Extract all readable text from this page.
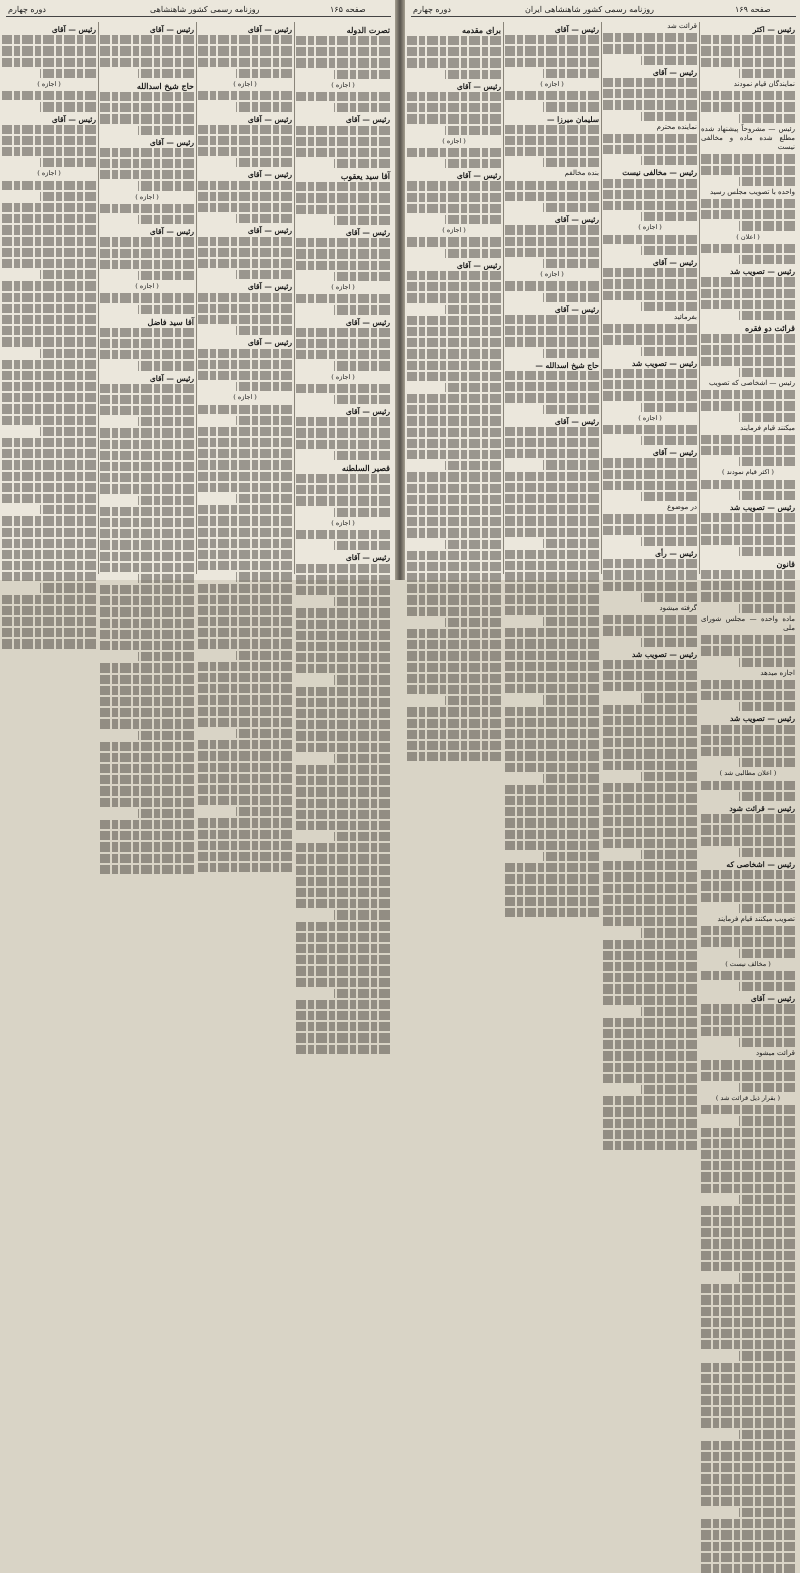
دوره چهارم	روزنامه رسمی کشور شاهنشاهی	صفحه ۱۶۵
تصرت الدوله
( اجازه )
رئیس — آقای
آقا سید یعقوب
رئیس — آقای
( اجازه )
رئیس — آقای
( اجازه )
رئیس — آقای
قصیر السلطنه
( اجازه )
رئیس — آقای
رئیس — آقای
( اجازه )
رئیس — آقای
رئیس — آقای
رئیس — آقای
رئیس — آقای
رئیس — آقای
( اجازه )
رئیس — آقای
حاج شیخ اسدالله
رئیس — آقای
( اجازه )
رئیس — آقای
( اجازه )
آقا سید فاضل
رئیس — آقای
رئیس — آقای
( اجازه )
رئیس — آقای
( اجازه )
دوره چهارم	روزنامه رسمی کشور شاهنشاهی ایران	صفحه ۱۶۹
رئیس — اکثر
نمایندگان قیام نمودند
رئیس — مشروحاً پیشنهاد شده مطلع شده ماده و مخالفی نیست
واحده با تصویب مجلس رسید
( اعلان )
رئیس — تصویب شد
قرائت دو فقره
رئیس — اشخاصی که تصویب
میکنند قیام فرمایند
( اکثر قیام نمودند )
رئیس — تصویب شد
قانون
ماده واحده — مجلس شورای ملی
اجازه میدهد
رئیس — تصویب شد
( اعلان مطالبی شد )
رئیس — قرائت شود
رئیس — اشخاصی که
تصویب میکنند قیام فرمایند
( مخالف نیست )
رئیس — آقای
قرائت میشود
( بقرار ذیل قرائت شد )
قرائت شد
رئیس — آقای
نماینده محترم
رئیس — مخالفی نیست
( اجازه )
رئیس — آقای
بفرمائید
رئیس — تصویب شد
( اجازه )
رئیس — آقای
در موضوع
رئیس — رأی
گرفته میشود
رئیس — تصویب شد
رئیس — آقای
( اجازه )
سلیمان میرزا —
بنده مخالفم
رئیس — آقای
( اجازه )
رئیس — آقای
حاج شیخ اسدالله —
رئیس — آقای
برای مقدمه
رئیس — آقای
( اجازه )
رئیس — آقای
( اجازه )
رئیس — آقای
